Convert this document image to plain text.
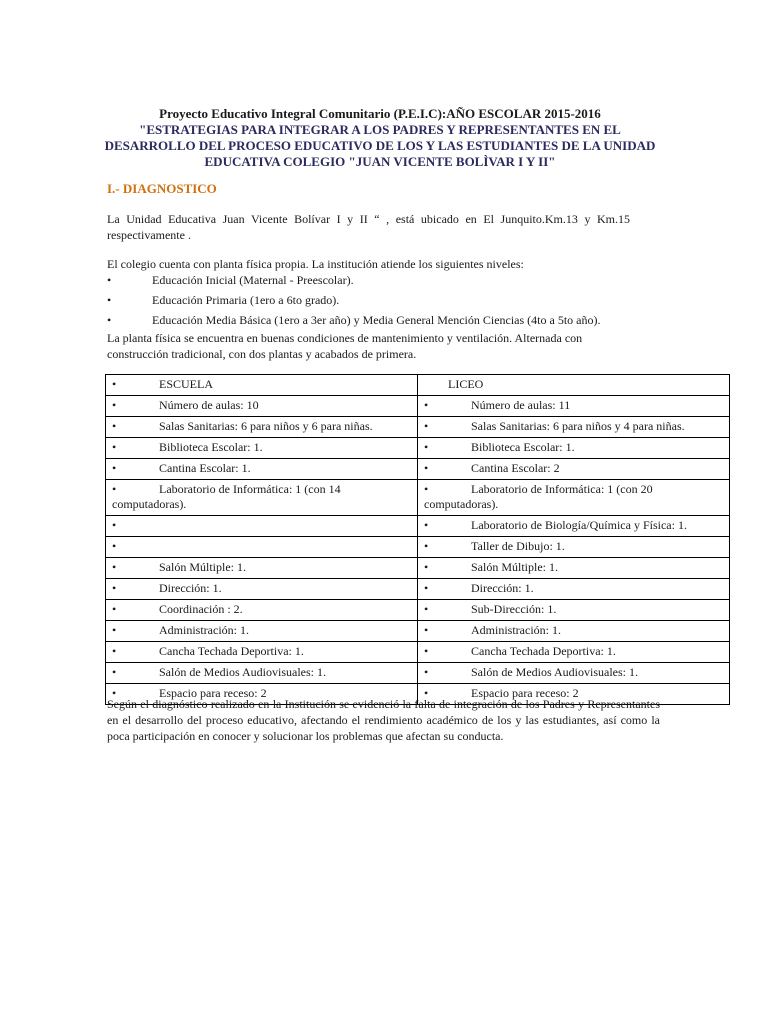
Proyecto Educativo Integral Comunitario (P.E.I.C):AÑO ESCOLAR 2015-2016
"ESTRATEGIAS PARA INTEGRAR A LOS PADRES Y REPRESENTANTES EN EL
DESARROLLO DEL PROCESO EDUCATIVO DE LOS Y LAS ESTUDIANTES DE LA UNIDAD
EDUCATIVA COLEGIO "JUAN VICENTE BOLÌVAR I Y II"
I.- DIAGNOSTICO
La Unidad Educativa Juan Vicente Bolívar I y II “ , está ubicado en El Junquito.Km.13 y Km.15 respectivamente .
El colegio cuenta con planta física propia. La institución atiende los siguientes niveles:
•	Educación Inicial (Maternal - Preescolar).
•	Educación Primaria (1ero a 6to grado).
•	Educación Media Básica (1ero a 3er año) y Media General Mención Ciencias (4to a 5to año).
La planta física se encuentra en buenas condiciones de mantenimiento y ventilación. Alternada con construcción tradicional, con dos plantas y acabados de primera.
• ESCUELA	LICEO

• Número de aulas: 10	• Número de aulas: 11

• Salas Sanitarias: 6 para niños y 6 para niñas.	• Salas Sanitarias: 6 para niños y 4 para niñas.

• Biblioteca Escolar: 1.	• Biblioteca Escolar: 1.

• Cantina Escolar: 1.	• Cantina Escolar: 2

• Laboratorio de Informática: 1 (con 14 computadoras).	• Laboratorio de Informática: 1 (con 20 computadoras).

•	• Laboratorio de Biología/Química y Física: 1.

•	• Taller de Dibujo: 1.

• Salón Múltiple: 1.	• Salón Múltiple: 1.

• Dirección: 1.	• Dirección: 1.

• Coordinación : 2.	• Sub-Dirección: 1.

• Administración: 1.	• Administración: 1.

• Cancha Techada Deportiva: 1.	• Cancha Techada Deportiva: 1.

• Salón de Medios Audiovisuales: 1.	• Salón de Medios Audiovisuales: 1.

• Espacio para receso: 2	• Espacio para receso: 2
Según el diagnóstico realizado en la Institución se evidenció la falta de integración de los Padres y Representantes en el desarrollo del proceso educativo, afectando el rendimiento académico de los y las estudiantes, así como la poca participación en conocer y solucionar los problemas que afectan su conducta.
